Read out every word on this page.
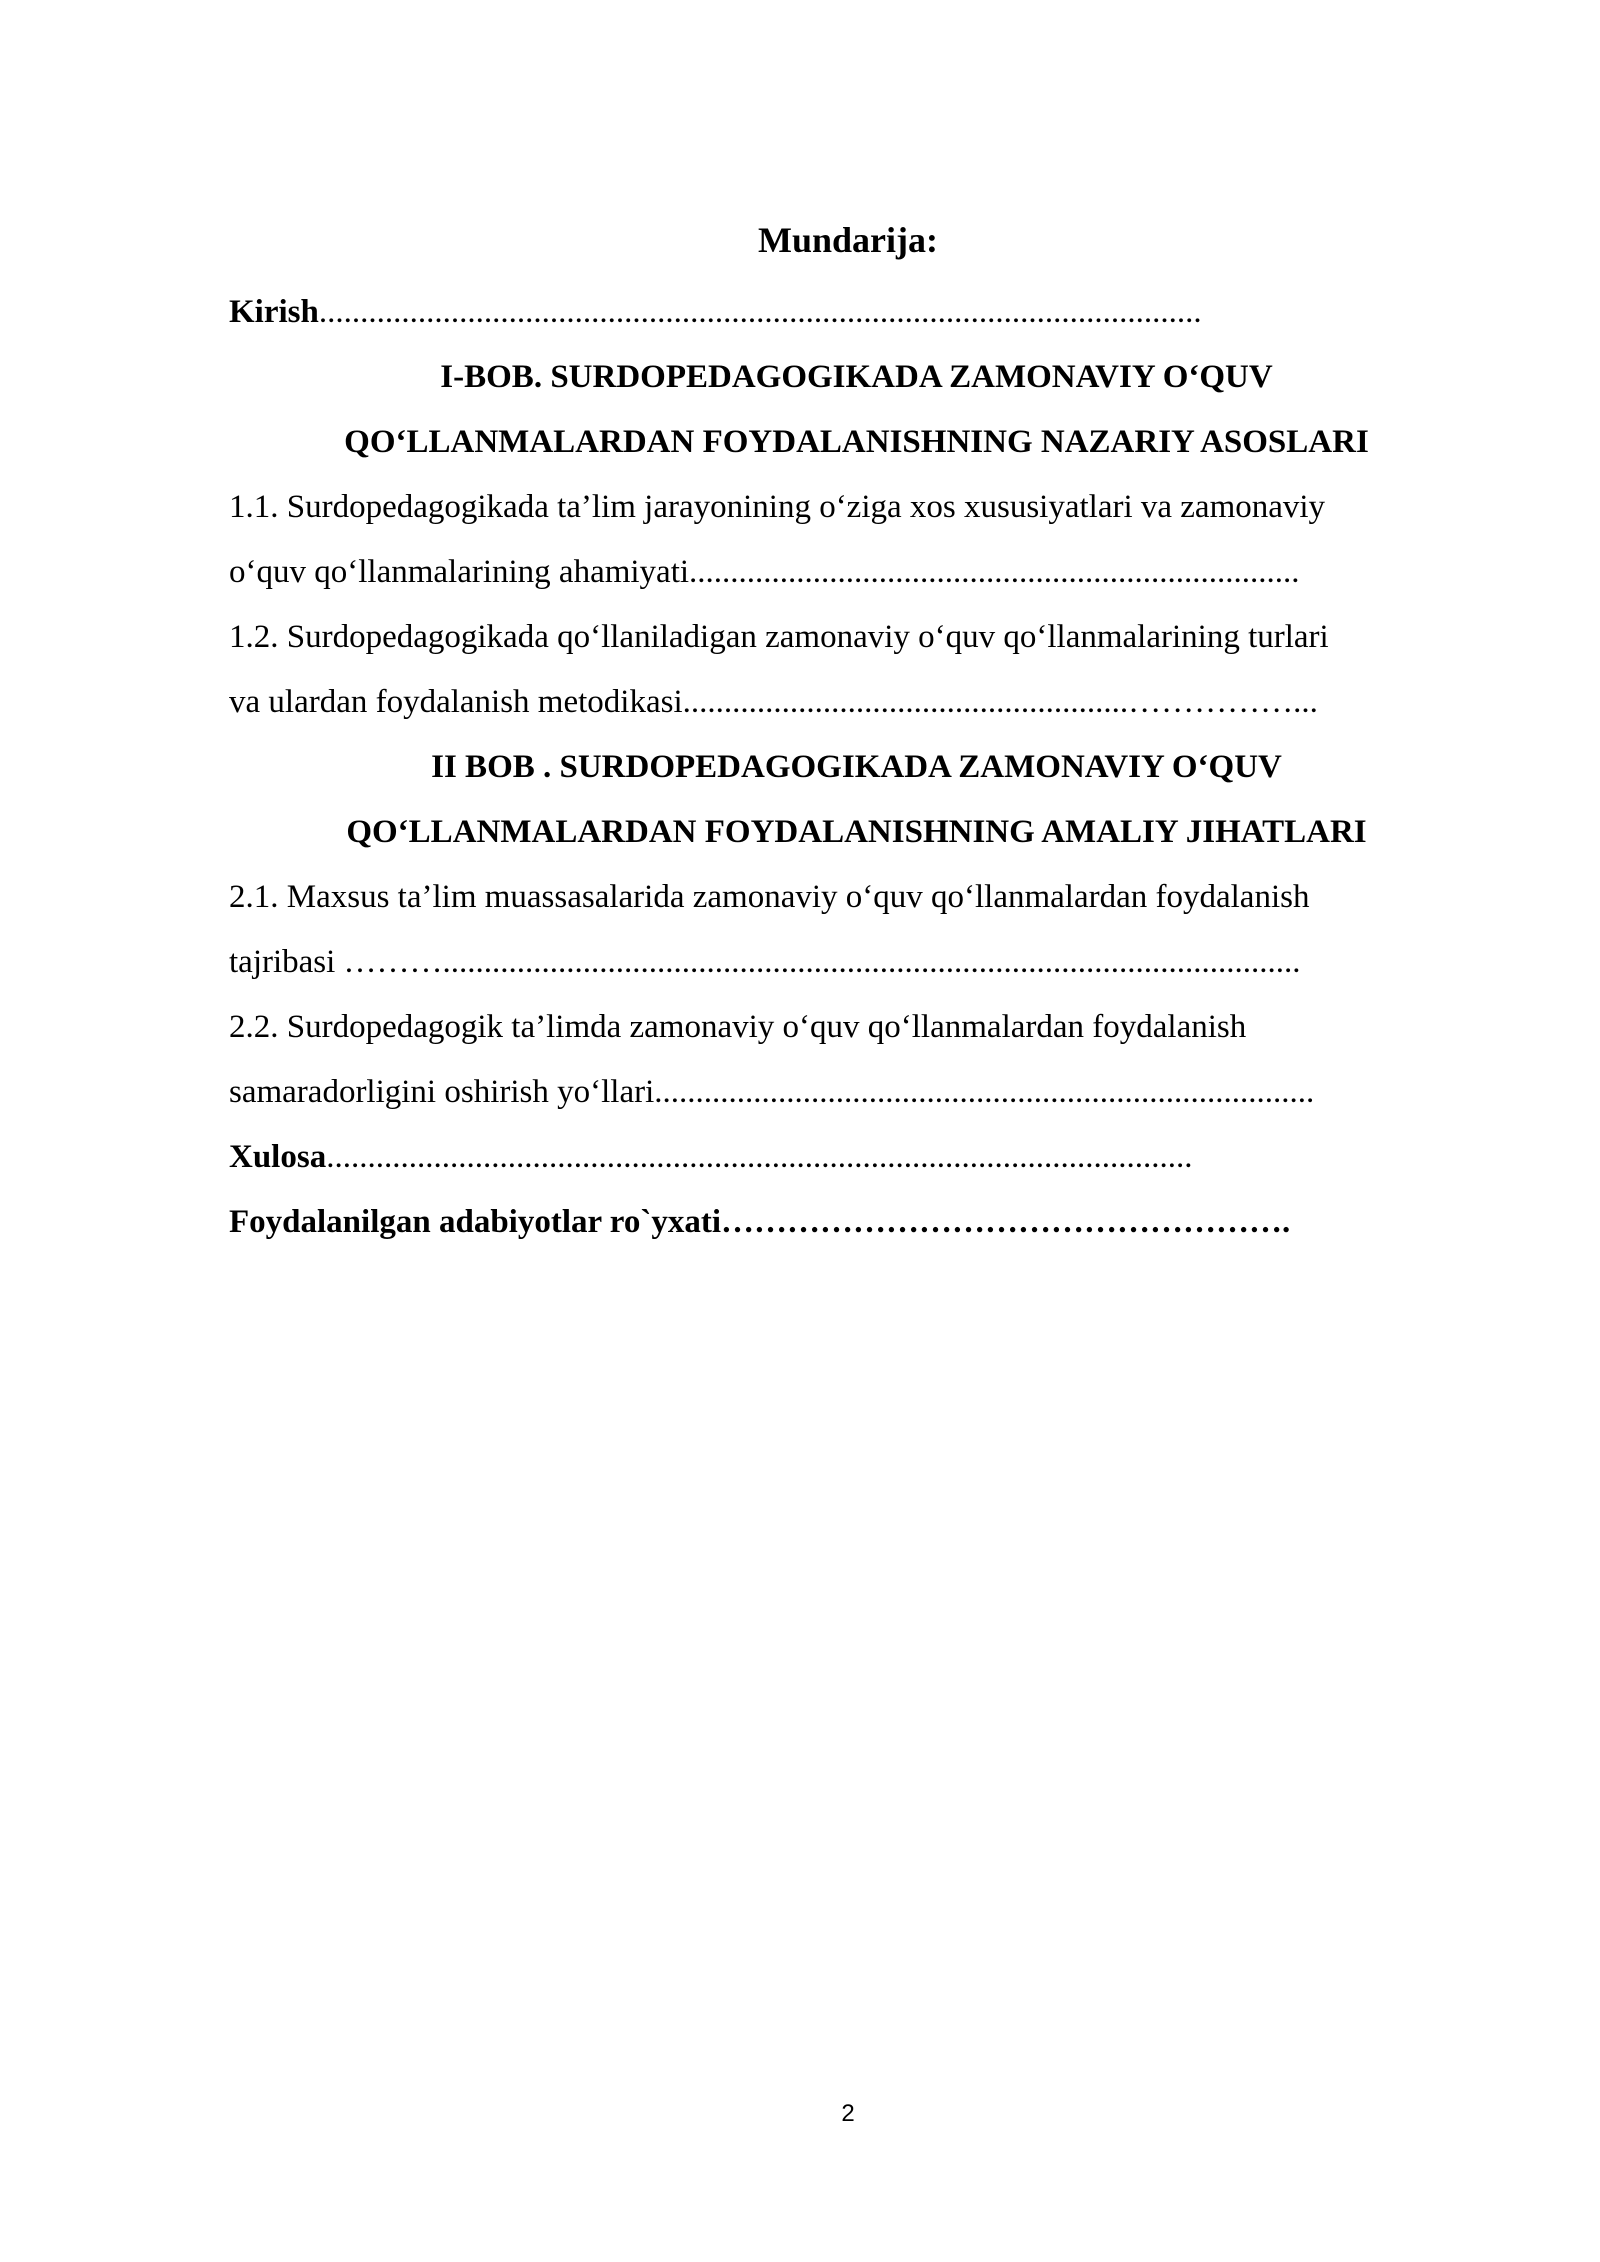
Mundarija:
Kirish...........................................................................................................
I-BOB. SURDOPEDAGOGIKADA ZAMONAVIY O‘QUV
QO‘LLANMALARDAN FOYDALANISHNING NAZARIY ASOSLARI
1.1. Surdopedagogikada ta’lim jarayonining o‘ziga xos xususiyatlari va zamonaviy
o‘quv qo‘llanmalarining ahamiyati..........................................................................
1.2. Surdopedagogikada qo‘llaniladigan zamonaviy o‘quv qo‘llanmalarining turlari
va ulardan foydalanish metodikasi......................................................……………...
II BOB . SURDOPEDAGOGIKADA ZAMONAVIY O‘QUV
QO‘LLANMALARDAN FOYDALANISHNING AMALIY JIHATLARI
2.1. Maxsus ta’lim muassasalarida zamonaviy o‘quv qo‘llanmalardan foydalanish
tajribasi ………........................................................................................................
2.2. Surdopedagogik ta’limda zamonaviy o‘quv qo‘llanmalardan foydalanish
samaradorligini oshirish yo‘llari................................................................................
Xulosa.........................................................................................................
Foydalanilgan adabiyotlar ro`yxati…………………………………………….
2
